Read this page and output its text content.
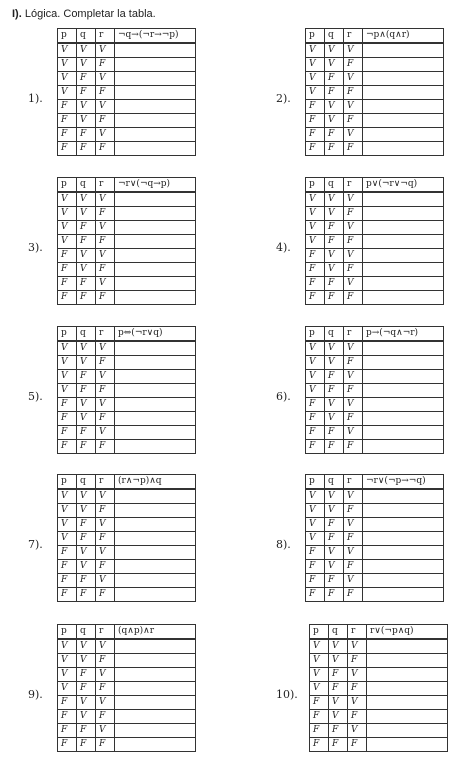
I). Lógica. Completar la tabla.
1).
p	q	r	¬q→(¬r→¬p)
V	V	V	
V	V	F	
V	F	V	
V	F	F	
F	V	V	
F	V	F	
F	F	V	
F	F	F	
2).
p	q	r	¬p∧(q∧r)
V	V	V	
V	V	F	
V	F	V	
V	F	F	
F	V	V	
F	V	F	
F	F	V	
F	F	F	
3).
p	q	r	¬r∨(¬q→p)
V	V	V	
V	V	F	
V	F	V	
V	F	F	
F	V	V	
F	V	F	
F	F	V	
F	F	F	
4).
p	q	r	p∨(¬r∨¬q)
V	V	V	
V	V	F	
V	F	V	
V	F	F	
F	V	V	
F	V	F	
F	F	V	
F	F	F	
5).
p	q	r	p⇔(¬r∨q)
V	V	V	
V	V	F	
V	F	V	
V	F	F	
F	V	V	
F	V	F	
F	F	V	
F	F	F	
6).
p	q	r	p→(¬q∧¬r)
V	V	V	
V	V	F	
V	F	V	
V	F	F	
F	V	V	
F	V	F	
F	F	V	
F	F	F	
7).
p	q	r	(r∧¬p)∧q
V	V	V	
V	V	F	
V	F	V	
V	F	F	
F	V	V	
F	V	F	
F	F	V	
F	F	F	
8).
p	q	r	¬r∨(¬p→¬q)
V	V	V	
V	V	F	
V	F	V	
V	F	F	
F	V	V	
F	V	F	
F	F	V	
F	F	F	
9).
p	q	r	(q∧p)∧r
V	V	V	
V	V	F	
V	F	V	
V	F	F	
F	V	V	
F	V	F	
F	F	V	
F	F	F	
10).
p	q	r	r∨(¬p∧q)
V	V	V	
V	V	F	
V	F	V	
V	F	F	
F	V	V	
F	V	F	
F	F	V	
F	F	F	
